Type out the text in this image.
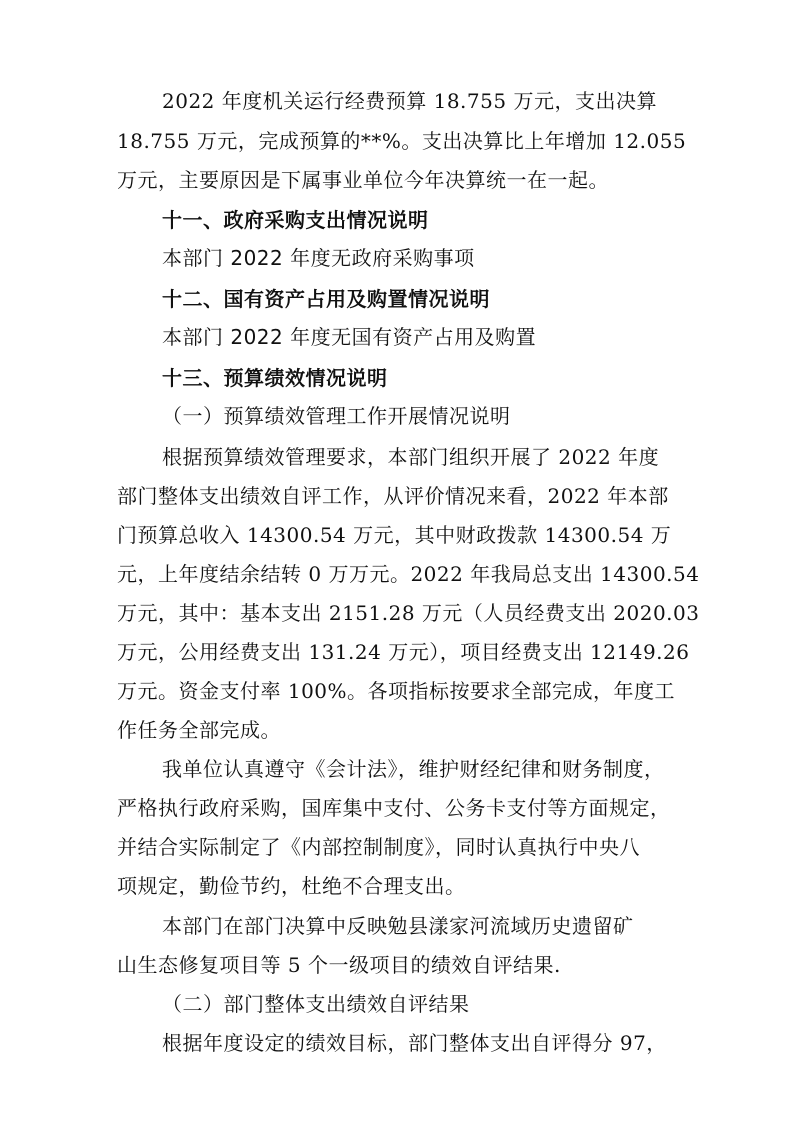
2022 年度机关运行经费预算 18.755 万元，支出决算
18.755 万元，完成预算的**%。支出决算比上年增加 12.055
万元，主要原因是下属事业单位今年决算统一在一起。
十一、政府采购支出情况说明
本部门 2022 年度无政府采购事项
十二、国有资产占用及购置情况说明
本部门 2022 年度无国有资产占用及购置
十三、预算绩效情况说明
（一）预算绩效管理工作开展情况说明
根据预算绩效管理要求，本部门组织开展了 2022 年度
部门整体支出绩效自评工作，从评价情况来看，2022 年本部
门预算总收入 14300.54 万元，其中财政拨款 14300.54 万
元，上年度结余结转 0 万万元。2022 年我局总支出 14300.54
万元，其中：基本支出 2151.28 万元（人员经费支出 2020.03
万元，公用经费支出 131.24 万元），项目经费支出 12149.26
万元。资金支付率 100%。各项指标按要求全部完成，年度工
作任务全部完成。
我单位认真遵守《会计法》，维护财经纪律和财务制度，
严格执行政府采购，国库集中支付、公务卡支付等方面规定，
并结合实际制定了《内部控制制度》，同时认真执行中央八
项规定，勤俭节约，杜绝不合理支出。
本部门在部门决算中反映勉县漾家河流域历史遗留矿
山生态修复项目等 5 个一级项目的绩效自评结果.
（二）部门整体支出绩效自评结果
根据年度设定的绩效目标，部门整体支出自评得分 97，
